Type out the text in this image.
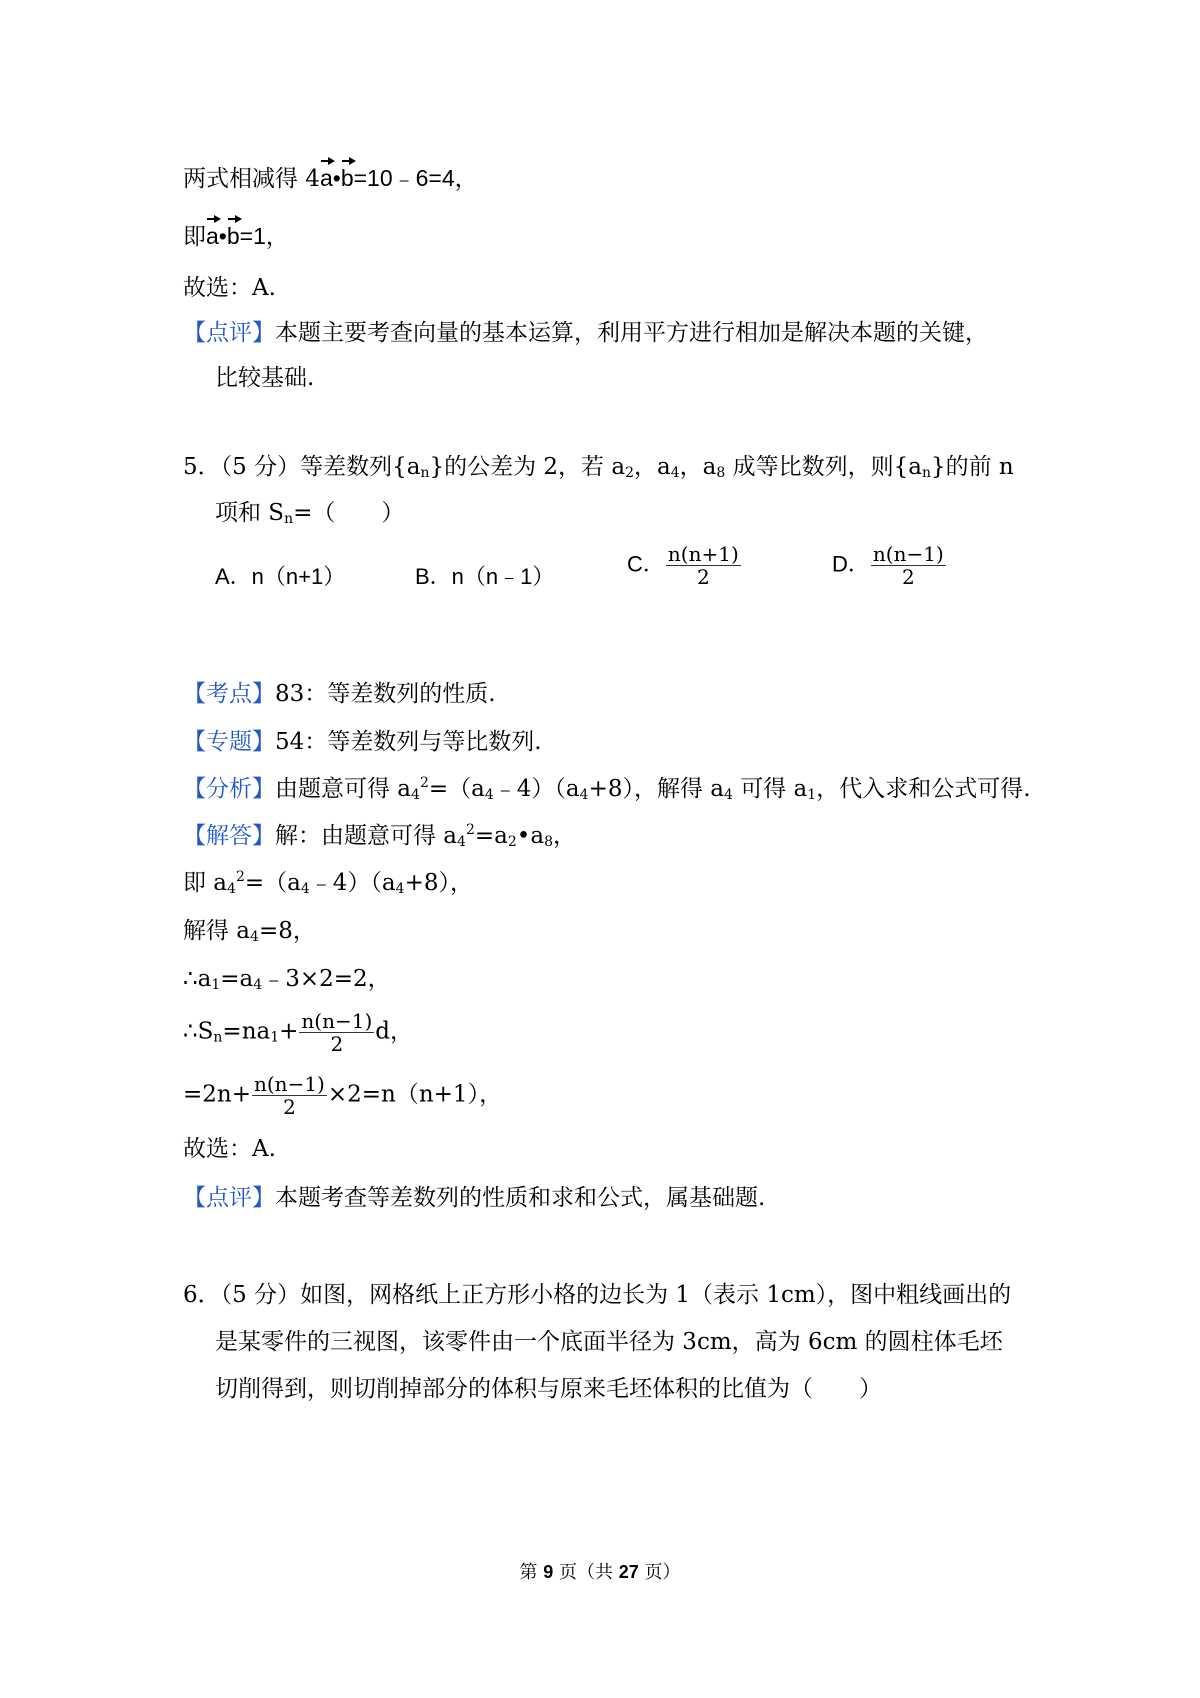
两式相减得 4a•b=10﹣6=4，
即a•b=1，
故选：A.
【点评】本题主要考查向量的基本运算，利用平方进行相加是解决本题的关键，
比较基础.
5．（5 分）等差数列$\{a_n\}$的公差为 2，若 $a_2$，$a_4$，$a_8$ 成等比数列，则$\{a_n\}$的前 n
项和 $S_n=$（　　）
A．n（n+1）	B．n（n﹣1）
C． $\frac{n(n+1)}{2}$	D． $\frac{n(n-1)}{2}$
【考点】83：等差数列的性质.
【专题】54：等差数列与等比数列.
【分析】由题意可得 $a_4^2=(a_4﹣4)(a_4+8)$，解得 $a_4$ 可得 $a_1$，代入求和公式可得.
【解答】解：由题意可得 $a_4^2=a_2•a_8$，
即 $a_4^2=(a_4﹣4)(a_4+8)$，
解得 $a_4=8$，
$\therefore a_1=a_4﹣3\times 2=2$，
$\therefore S_n=na_1+ \frac{n(n-1)}{2}$ d，
$=2n+ \frac{n(n-1)}{2} \times 2=n(n+1)$，
故选：A.
【点评】本题考查等差数列的性质和求和公式，属基础题.
6．（5 分）如图，网格纸上正方形小格的边长为 1（表示 1cm），图中粗线画出的
是某零件的三视图，该零件由一个底面半径为 3cm，高为 6cm 的圆柱体毛坯
切削得到，则切削掉部分的体积与原来毛坯体积的比值为（　　）
第 9 页（共 27 页）
